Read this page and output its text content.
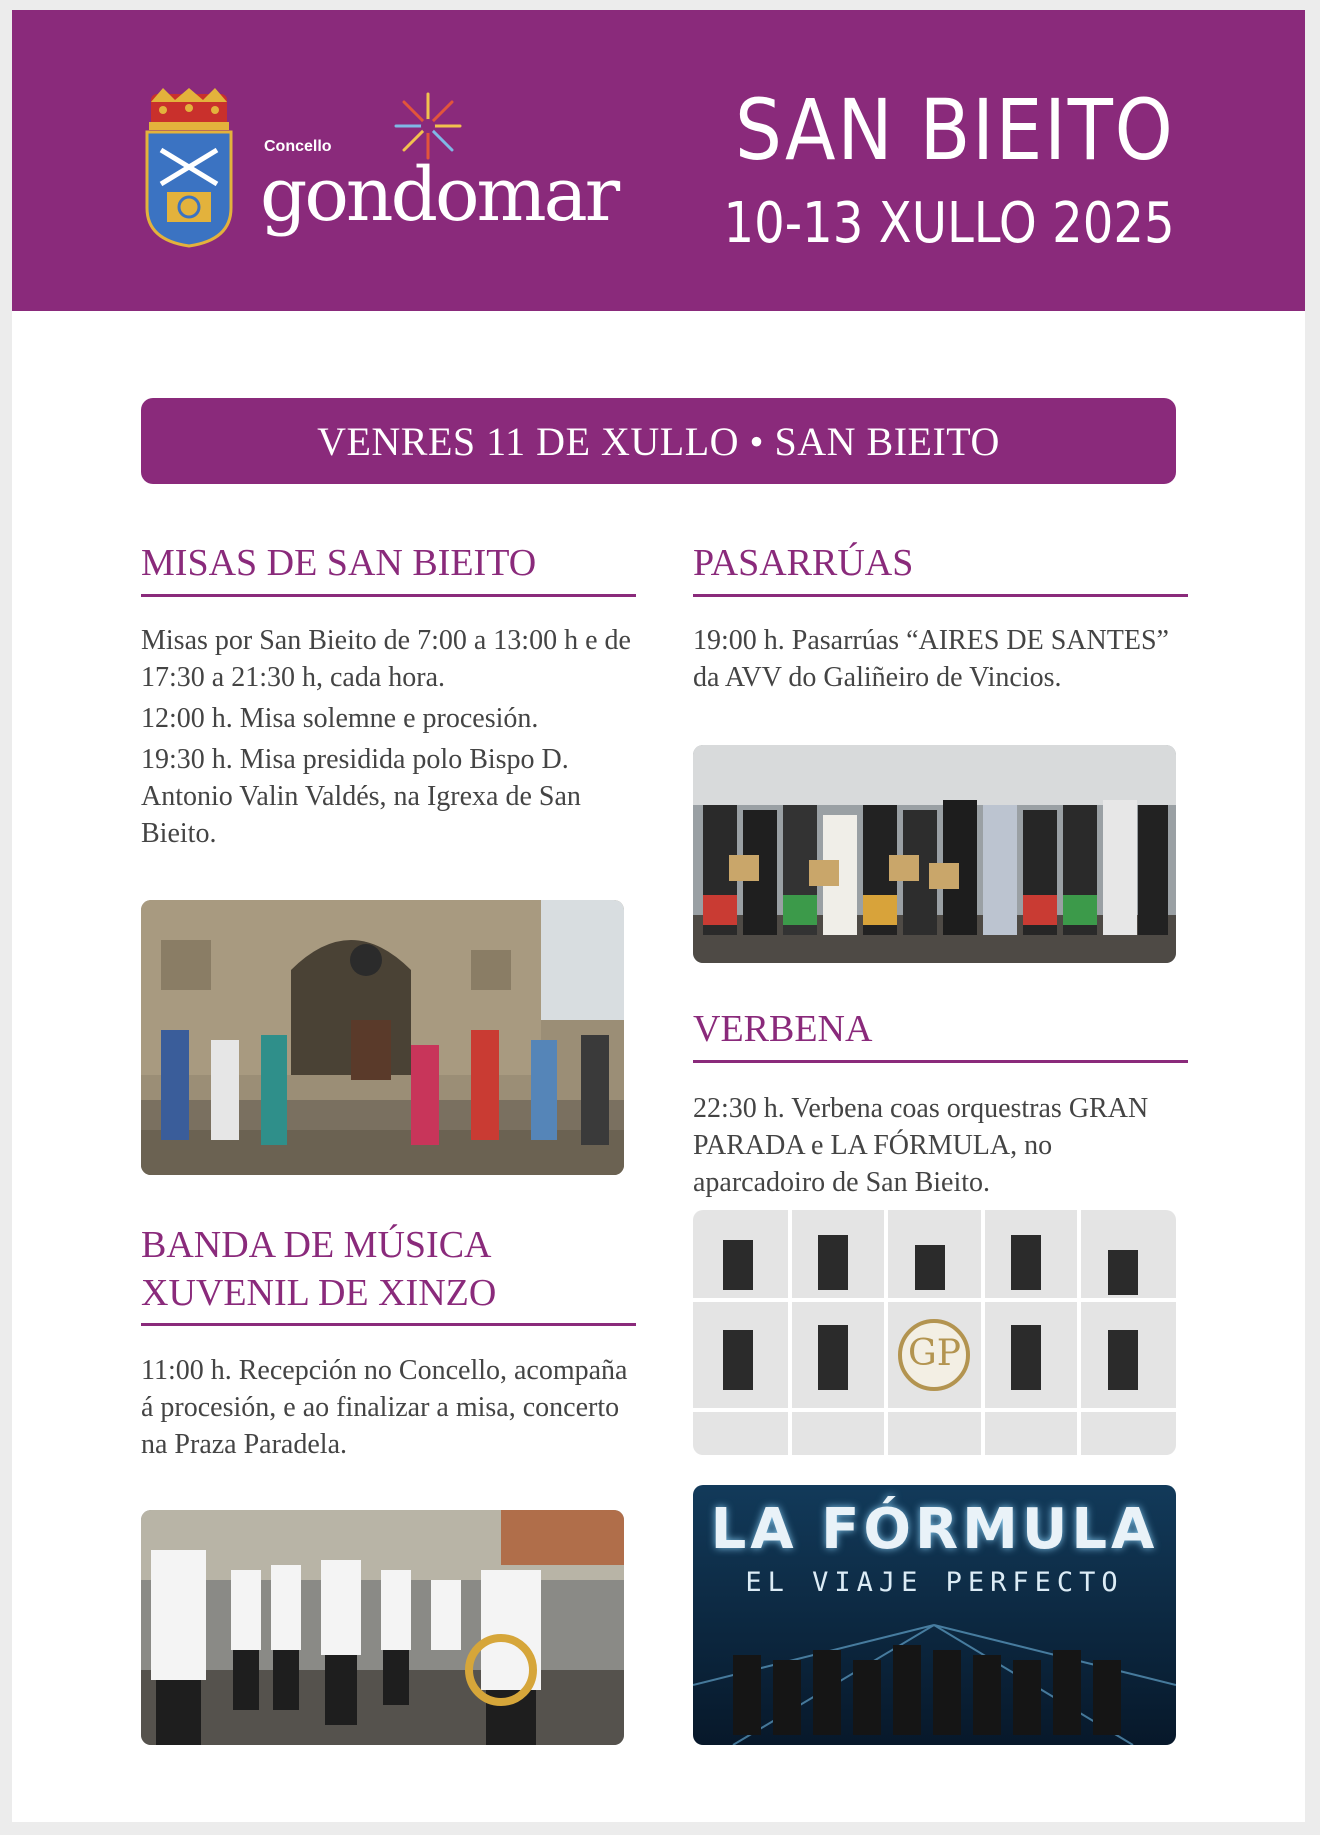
Concello
gondomar
SAN BIEITO
10-13 XULLO 2025
VENRES 11 DE XULLO • SAN BIEITO
MISAS DE SAN BIEITO

Misas por San Bieito de 7:00 a 13:00 h e de 17:30 a 21:30 h, cada hora.

12:00 h. Misa solemne e procesión.

19:30 h. Misa presidida polo Bispo D. Antonio Valin Valdés, na Igrexa de San Bieito.

BANDA DE MÚSICA
XUVENIL DE XINZO

11:00 h. Recepción no Concello, acompaña á procesión, e ao finalizar a misa, concerto na Praza Paradela.

PASARRÚAS

19:00 h. Pasarrúas “AIRES DE SANTES” da AVV do Galiñeiro de Vincios.

VERBENA

22:30 h. Verbena coas orquestras GRAN PARADA e LA FÓRMULA, no aparcadoiro de San Bieito.

GP
LA FÓRMULA
EL VIAJE PERFECTO
